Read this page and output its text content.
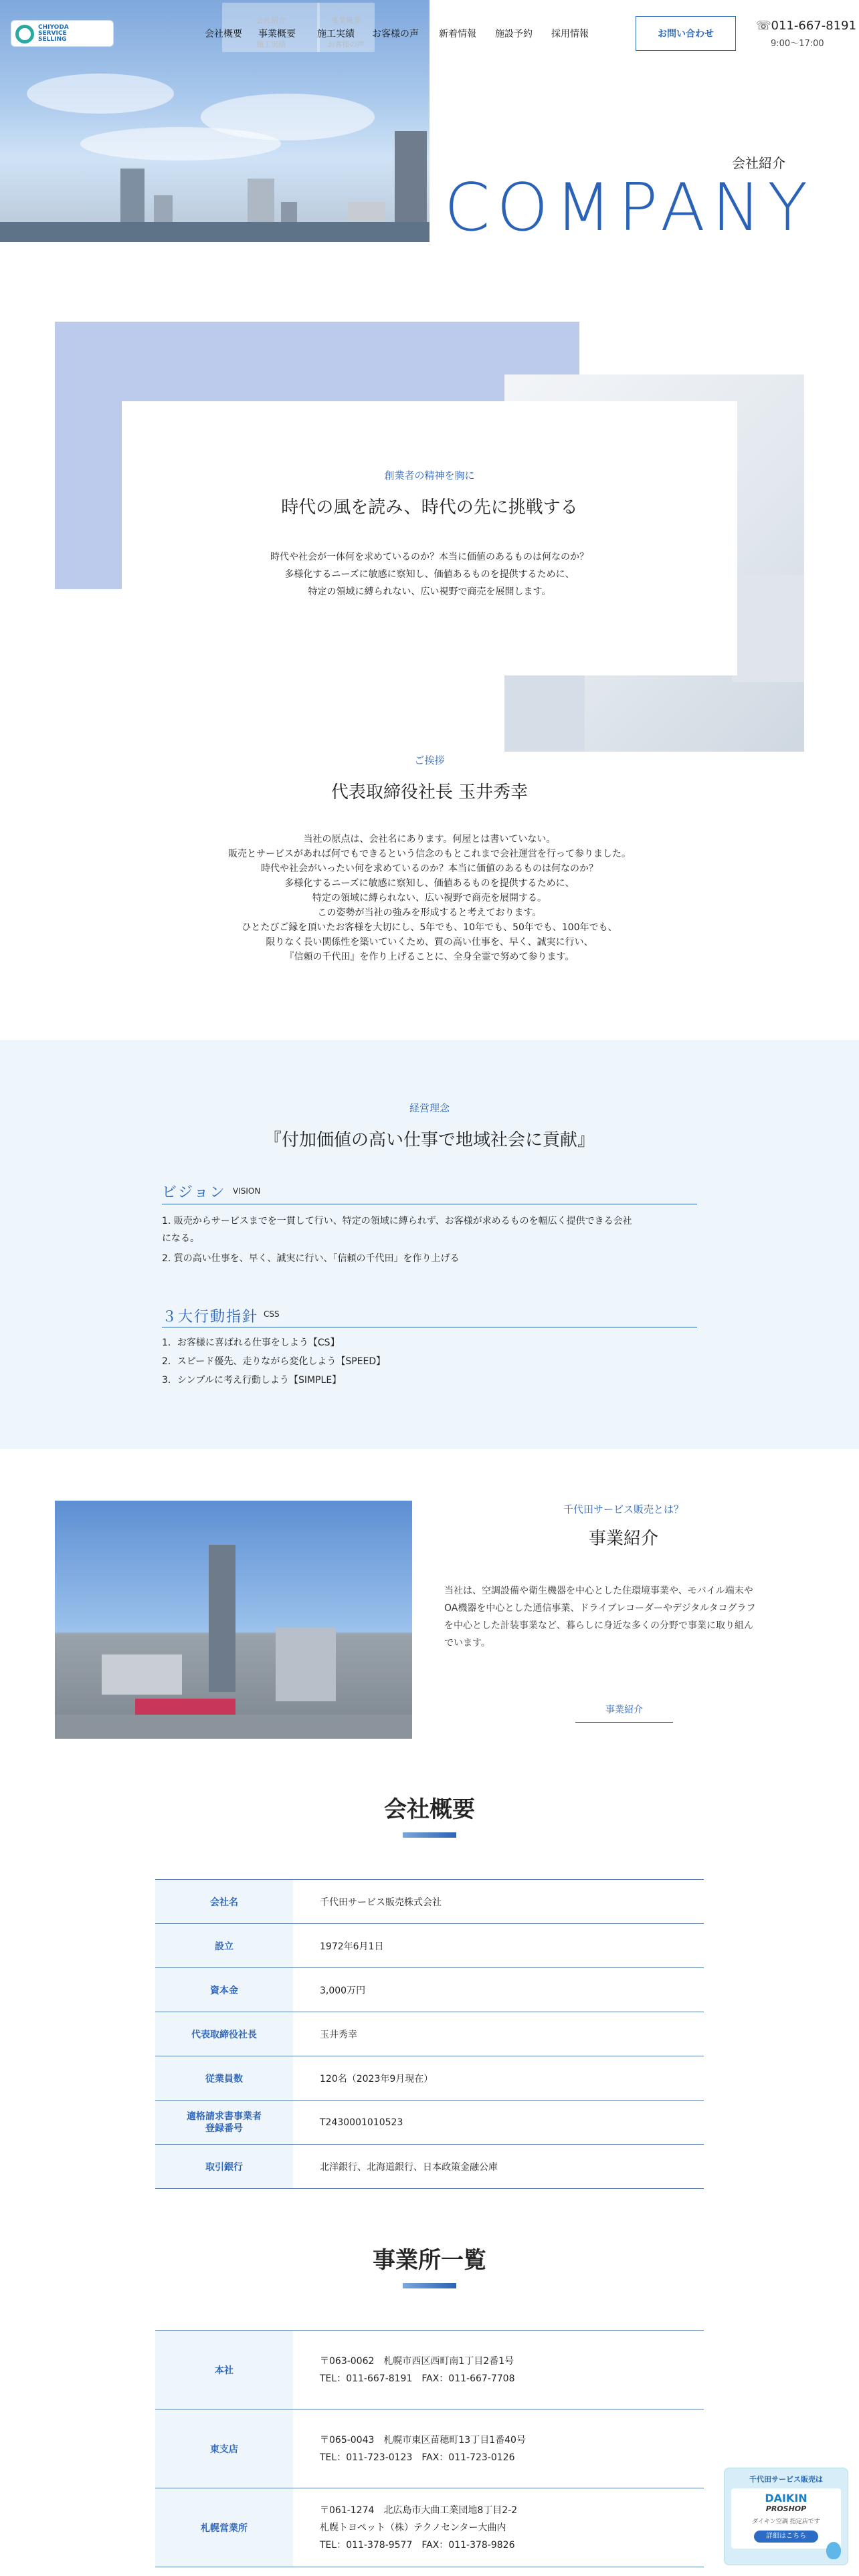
CHIYODA
SERVICE
SELLING
会社紹介
施工実績
事業概要
お客様の声
会社概要 事業概要 施工実績 お客様の声 新着情報 施設予約 採用情報	お問い合わせ
☏011-667-8191
9:00〜17:00
会社紹介
COMPANY
創業者の精神を胸に
時代の風を読み、時代の先に挑戦する
時代や社会が一体何を求めているのか？本当に価値のあるものは何なのか？
多様化するニーズに敏感に察知し、価値あるものを提供するために、
特定の領域に縛られない、広い視野で商売を展開します。
ご挨拶
代表取締役社長 玉井秀幸
当社の原点は、会社名にあります。何屋とは書いていない。
販売とサービスがあれば何でもできるという信念のもとこれまで会社運営を行って参りました。
時代や社会がいったい何を求めているのか？本当に価値のあるものは何なのか？
多様化するニーズに敏感に察知し、価値あるものを提供するために、
特定の領域に縛られない、広い視野で商売を展開する。
この姿勢が当社の強みを形成すると考えております。
ひとたびご縁を頂いたお客様を大切にし、5年でも、10年でも、50年でも、100年でも、
限りなく長い関係性を築いていくため、質の高い仕事を、早く、誠実に行い、
『信頼の千代田』を作り上げることに、全身全霊で努めて参ります。
経営理念
『付加価値の高い仕事で地域社会に貢献』
ビジョン VISION
1. 販売からサービスまでを一貫して行い、特定の領域に縛られず、お客様が求めるものを幅広く提供できる会社
になる。
2. 質の高い仕事を、早く、誠実に行い、「信頼の千代田」を作り上げる
３大行動指針 CSS
1．お客様に喜ばれる仕事をしよう【CS】
2．スピード優先、走りながら変化しよう【SPEED】
3．シンプルに考え行動しよう【SIMPLE】
千代田サービス販売とは？
事業紹介
当社は、空調設備や衛生機器を中心とした住環境事業や、モバイル端末や
OA機器を中心とした通信事業、ドライブレコーダーやデジタルタコグラフ
を中心とした計装事業など、暮らしに身近な多くの分野で事業に取り組ん
でいます。
事業紹介
会社概要
会社名	千代田サービス販売株式会社
設立	1972年6月1日
資本金	3,000万円
代表取締役社長	玉井秀幸
従業員数	120名（2023年9月現在）
適格請求書事業者
登録番号	T2430001010523
取引銀行	北洋銀行、北海道銀行、日本政策金融公庫
事業所一覧
本社	〒063-0062　札幌市西区西町南1丁目2番1号
TEL：011-667-8191　FAX：011-667-7708

東支店	〒065-0043　札幌市東区苗穂町13丁目1番40号
TEL：011-723-0123　FAX：011-723-0126

札幌営業所	〒061-1274　北広島市大曲工業団地8丁目2-2
札幌トヨペット（株）テクノセンター大曲内
TEL：011-378-9577　FAX：011-378-9826
千代田サービス販売は
DAIKIN
PROSHOP
ダイキン空調 指定店です
詳細はこちら
